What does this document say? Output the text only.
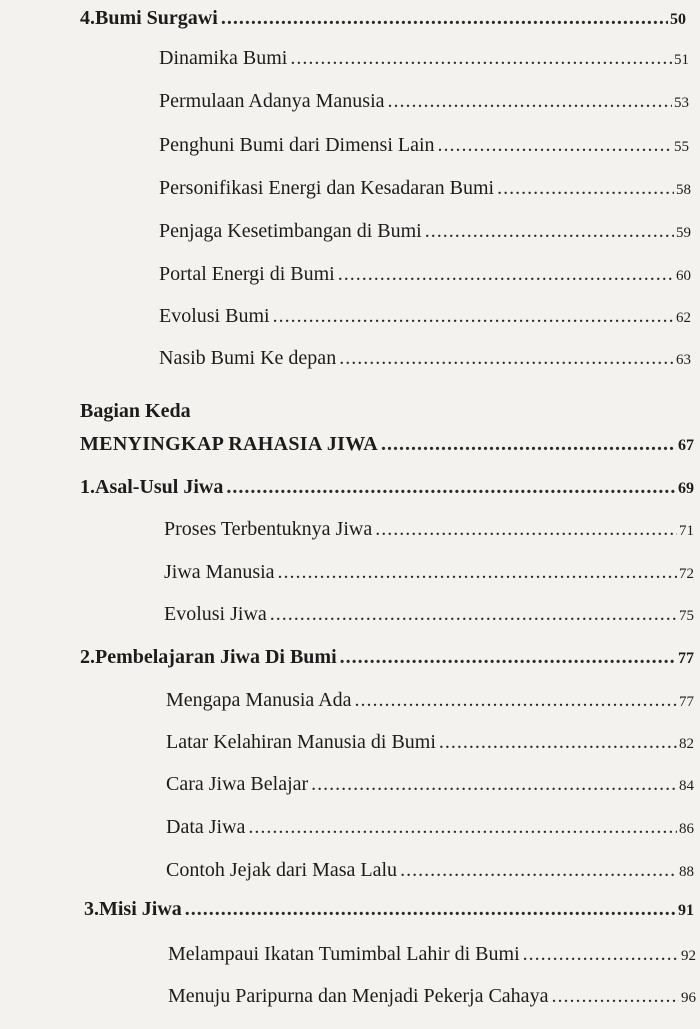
4. Bumi Surgawi .....	50
Dinamika Bumi .....	51
Permulaan Adanya Manusia .....	53
Penghuni Bumi dari Dimensi Lain .....	55
Personifikasi Energi dan Kesadaran Bumi .....	58
Penjaga Kesetimbangan di Bumi .....	59
Portal Energi di Bumi .....	60
Evolusi Bumi .....	62
Nasib Bumi Ke depan .....	63
Bagian Keda
MENYINGKAP RAHASIA JIWA .....	67
1. Asal-Usul Jiwa .....	69
Proses Terbentuknya Jiwa .....	71
Jiwa Manusia .....	72
Evolusi Jiwa .....	75
2. Pembelajaran Jiwa Di Bumi .....	77
Mengapa Manusia Ada .....	77
Latar Kelahiran Manusia di Bumi .....	82
Cara Jiwa Belajar .....	84
Data Jiwa .....	86
Contoh Jejak dari Masa Lalu .....	88
3. Misi Jiwa .....	91
Melampaui Ikatan Tumimbal Lahir di Bumi .....	92
Menuju Paripurna dan Menjadi Pekerja Cahaya .....	96
